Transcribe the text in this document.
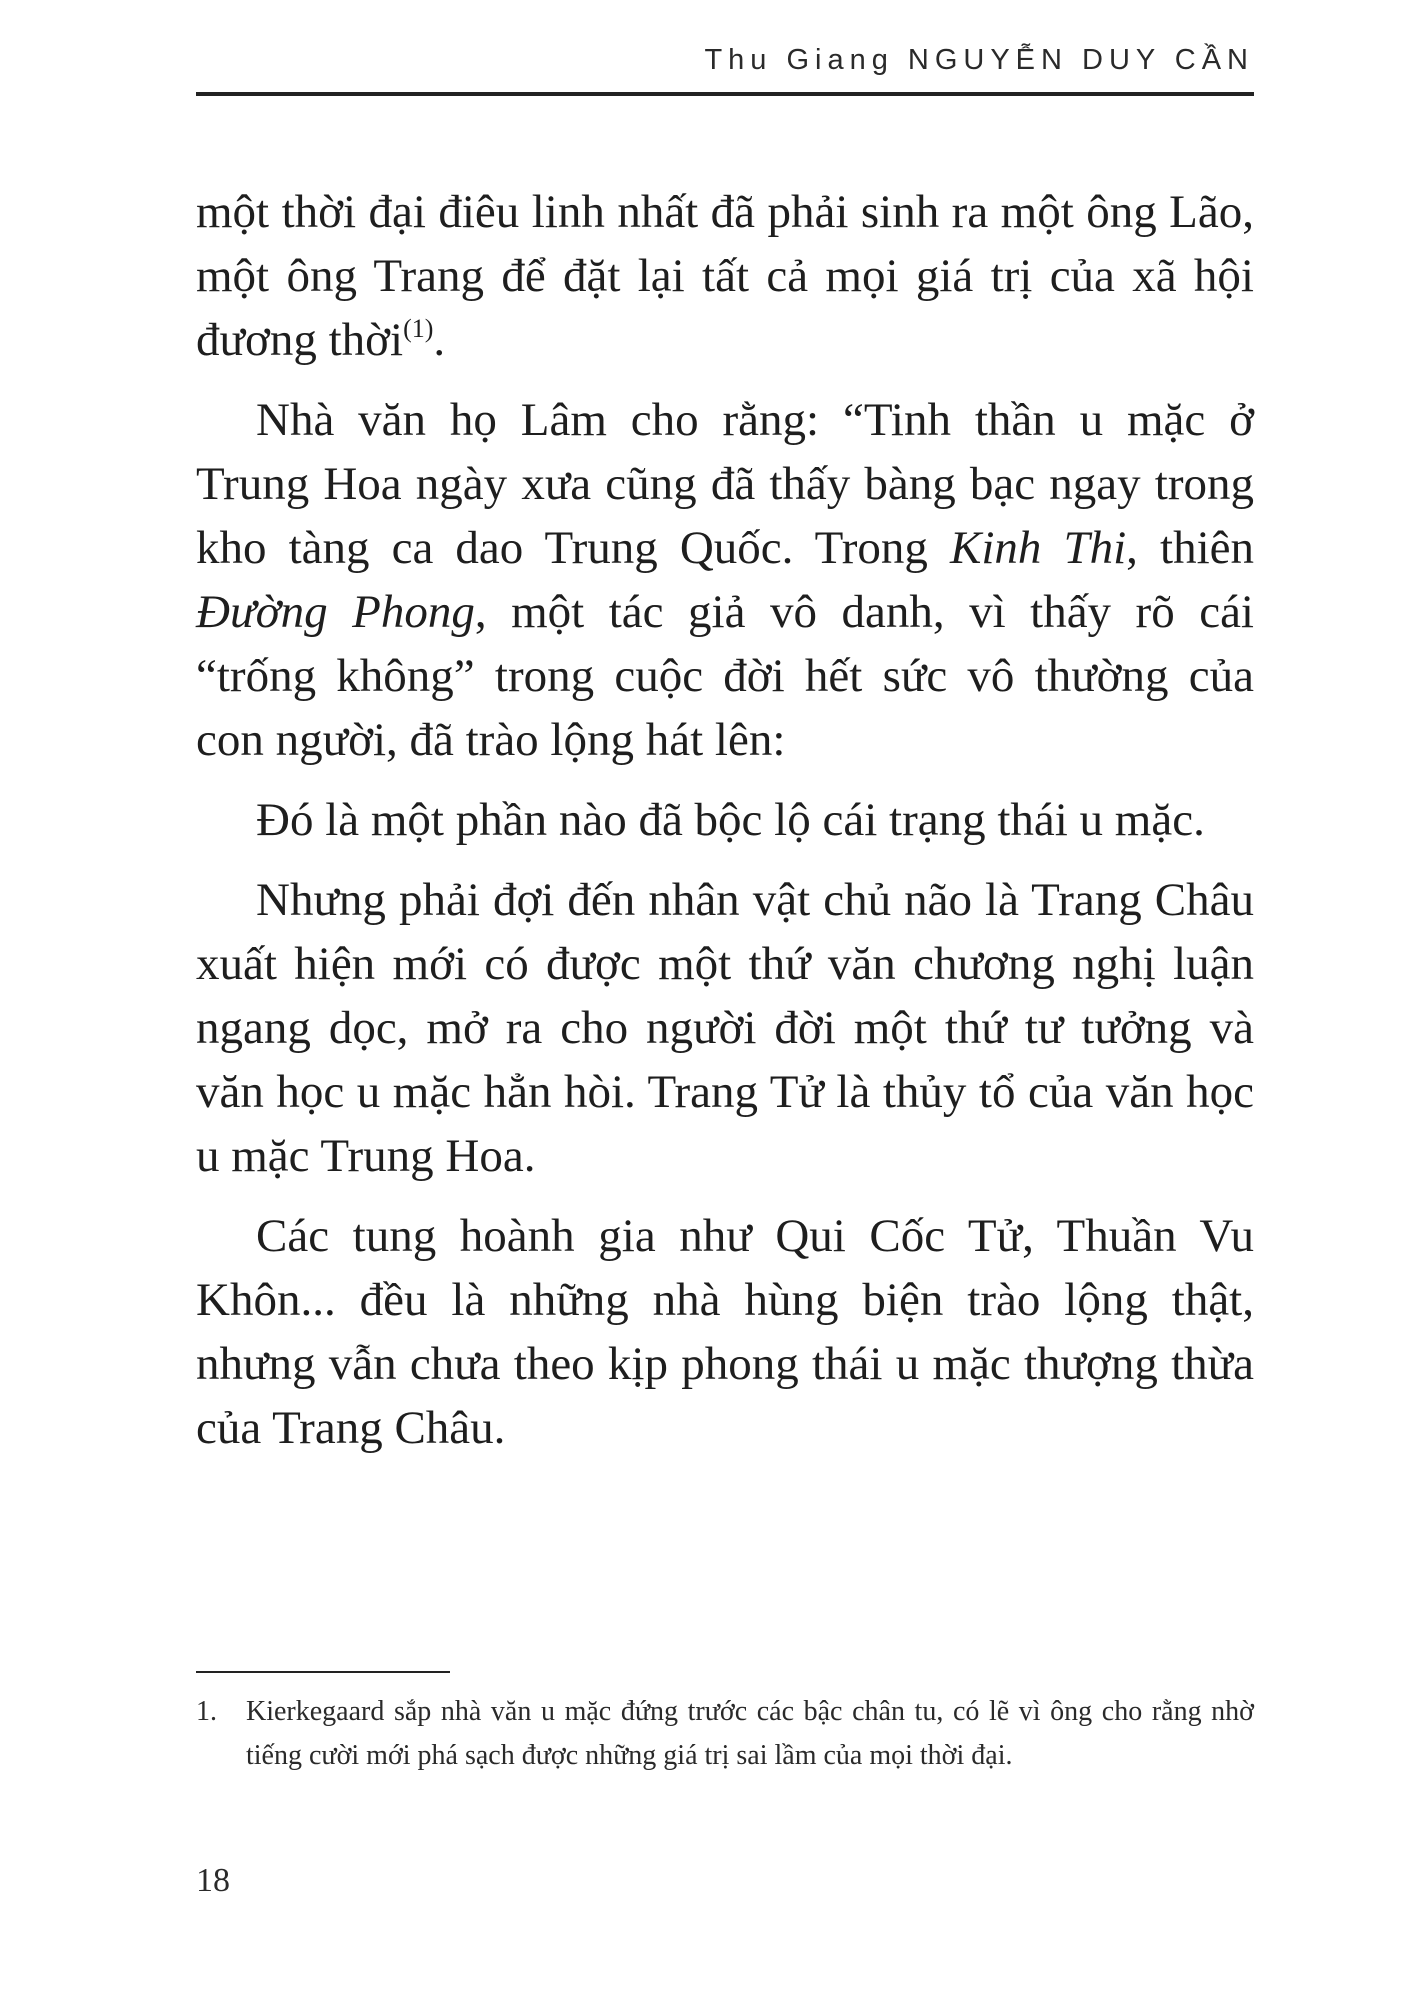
Thu Giang NGUYỄN DUY CẦN

một thời đại điêu linh nhất đã phải sinh ra một ông Lão, một ông Trang để đặt lại tất cả mọi giá trị của xã hội đương thời$^{(1)}$.

Nhà văn họ Lâm cho rằng: “Tinh thần u mặc ở Trung Hoa ngày xưa cũng đã thấy bàng bạc ngay trong kho tàng ca dao Trung Quốc. Trong Kinh Thi, thiên Đường Phong, một tác giả vô danh, vì thấy rõ cái “trống không” trong cuộc đời hết sức vô thường của con người, đã trào lộng hát lên:

Đó là một phần nào đã bộc lộ cái trạng thái u mặc.

Nhưng phải đợi đến nhân vật chủ não là Trang Châu xuất hiện mới có được một thứ văn chương nghị luận ngang dọc, mở ra cho người đời một thứ tư tưởng và văn học u mặc hẳn hòi. Trang Tử là thủy tổ của văn học u mặc Trung Hoa.

Các tung hoành gia như Qui Cốc Tử, Thuần Vu Khôn... đều là những nhà hùng biện trào lộng thật, nhưng vẫn chưa theo kịp phong thái u mặc thượng thừa của Trang Châu.

1. Kierkegaard sắp nhà văn u mặc đứng trước các bậc chân tu, có lẽ vì ông cho rằng nhờ tiếng cười mới phá sạch được những giá trị sai lầm của mọi thời đại.
18
